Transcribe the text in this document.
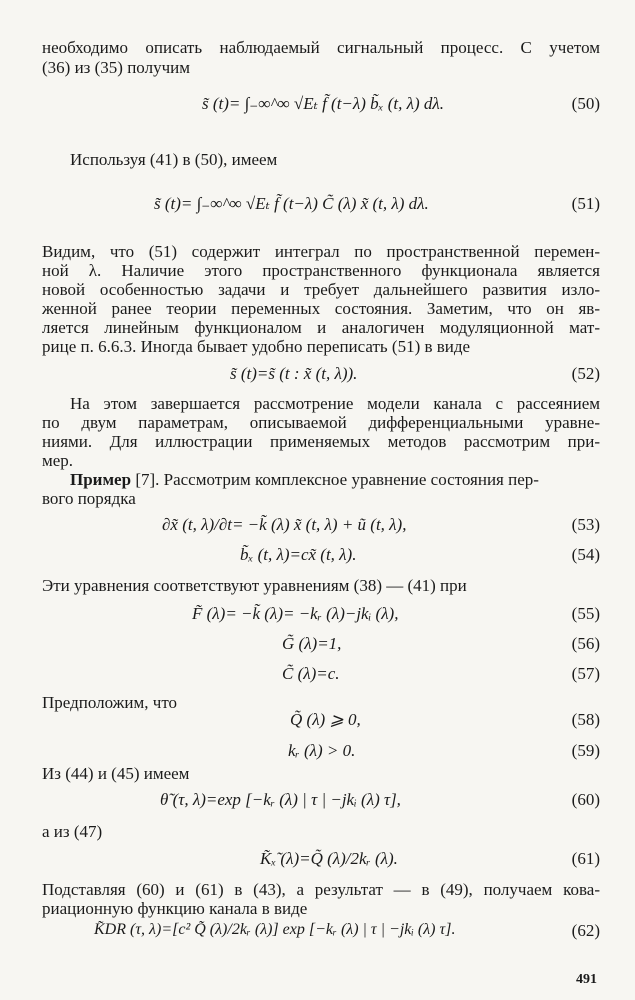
необходимо описать наблюдаемый сигнальный процесс. С учетом
(36) из (35) получим
s̃ (t)= ∫₋∞^∞ √Eₜ f̃ (t−λ) b̃ₓ (t, λ) dλ.	(50)
Используя (41) в (50), имеем
s̃ (t)= ∫₋∞^∞ √Eₜ f̃ (t−λ) C̃ (λ) x̃ (t, λ) dλ.	(51)
Видим, что (51) содержит интеграл по пространственной перемен-
ной λ. Наличие этого пространственного функционала является
новой особенностью задачи и требует дальнейшего развития изло-
женной ранее теории переменных состояния. Заметим, что он яв-
ляется линейным функционалом и аналогичен модуляционной мат-
рице п. 6.6.3. Иногда бывает удобно переписать (51) в виде
s̃ (t)=s̃ (t : x̃ (t, λ)).	(52)
На этом завершается рассмотрение модели канала с рассеянием
по двум параметрам, описываемой дифференциальными уравне-
ниями. Для иллюстрации применяемых методов рассмотрим при-
мер.
Пример [7]. Рассмотрим комплексное уравнение состояния пер-
вого порядка
∂x̃ (t, λ)/∂t= −k̃ (λ) x̃ (t, λ) + ũ (t, λ),	(53)
b̃ₓ (t, λ)=cx̃ (t, λ).	(54)
Эти уравнения соответствуют уравнениям (38) — (41) при
F̃ (λ)= −k̃ (λ)= −kᵣ (λ)−jkᵢ (λ),	(55)
G̃ (λ)=1,	(56)
C̃ (λ)=c.	(57)
Предположим, что
Q̃ (λ) ⩾ 0,	(58)
kᵣ (λ) > 0.	(59)
Из (44) и (45) имеем
θ̃ (τ, λ)=exp [−kᵣ (λ) | τ | −jkᵢ (λ) τ],	(60)
а из (47)
K̃ₓ̃ (λ)=Q̃ (λ)/2kᵣ (λ).	(61)
Подставляя (60) и (61) в (43), а результат — в (49), получаем кова-
риационную функцию канала в виде
K̃DR (τ, λ)=[c² Q̃ (λ)/2kᵣ (λ)] exp [−kᵣ (λ) | τ | −jkᵢ (λ) τ].	(62)
491
